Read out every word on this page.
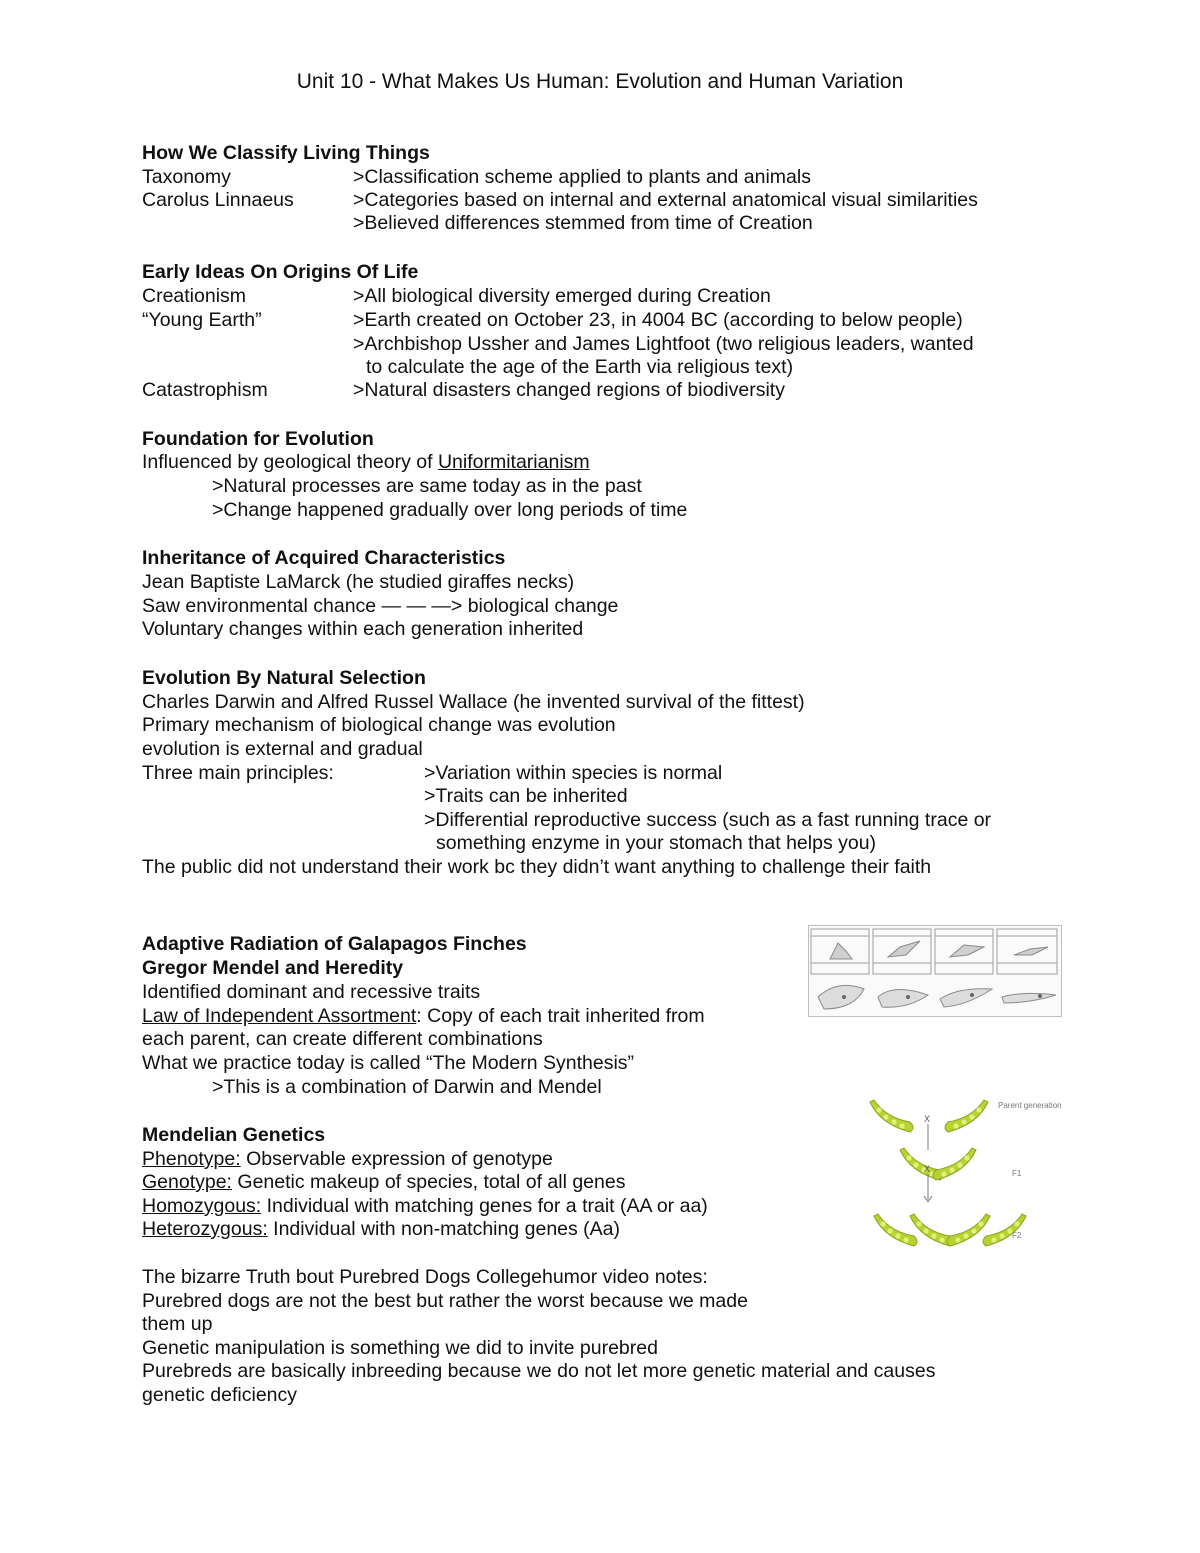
Unit 10 - What Makes Us Human: Evolution and Human Variation
How We Classify Living Things
Taxonomy	>Classification scheme applied to plants and animals
Carolus Linnaeus	>Categories based on internal and external anatomical visual similarities
>Believed differences stemmed from time of Creation
Early Ideas On Origins Of Life
Creationism	>All biological diversity emerged during Creation
“Young Earth”	>Earth created on October 23, in 4004 BC (according to below people)
>Archbishop Ussher and James Lightfoot (two religious leaders, wanted
to calculate the age of the Earth via religious text)
Catastrophism	>Natural disasters changed regions of biodiversity
Foundation for Evolution
Influenced by geological theory of Uniformitarianism
>Natural processes are same today as in the past
>Change happened gradually over long periods of time
Inheritance of Acquired Characteristics
Jean Baptiste LaMarck (he studied giraffes necks)
Saw environmental chance — — —> biological change
Voluntary changes within each generation inherited
Evolution By Natural Selection
Charles Darwin and Alfred Russel Wallace (he invented survival of the fittest)
Primary mechanism of biological change was evolution
evolution is external and gradual
Three main principles:	>Variation within species is normal
>Traits can be inherited
>Differential reproductive success (such as a fast running trace or
something enzyme in your stomach that helps you)
The public did not understand their work bc they didn’t want anything to challenge their faith
Adaptive Radiation of Galapagos Finches
Gregor Mendel and Heredity
Identified dominant and recessive traits
Law of Independent Assortment: Copy of each trait inherited from
each parent, can create different combinations
What we practice today is called “The Modern Synthesis”
>This is a combination of Darwin and Mendel
Mendelian Genetics
Phenotype: Observable expression of genotype
Genotype: Genetic makeup of species, total of all genes
Homozygous: Individual with matching genes for a trait (AA or aa)
Heterozygous: Individual with non-matching genes (Aa)
The bizarre Truth bout Purebred Dogs Collegehumor video notes:
Purebred dogs are not the best but rather the worst because we made
them up
Genetic manipulation is something we did to invite purebred
Purebreds are basically inbreeding because we do not let more genetic material and causes
genetic deficiency
X
X
Parent generation
F1
F2
